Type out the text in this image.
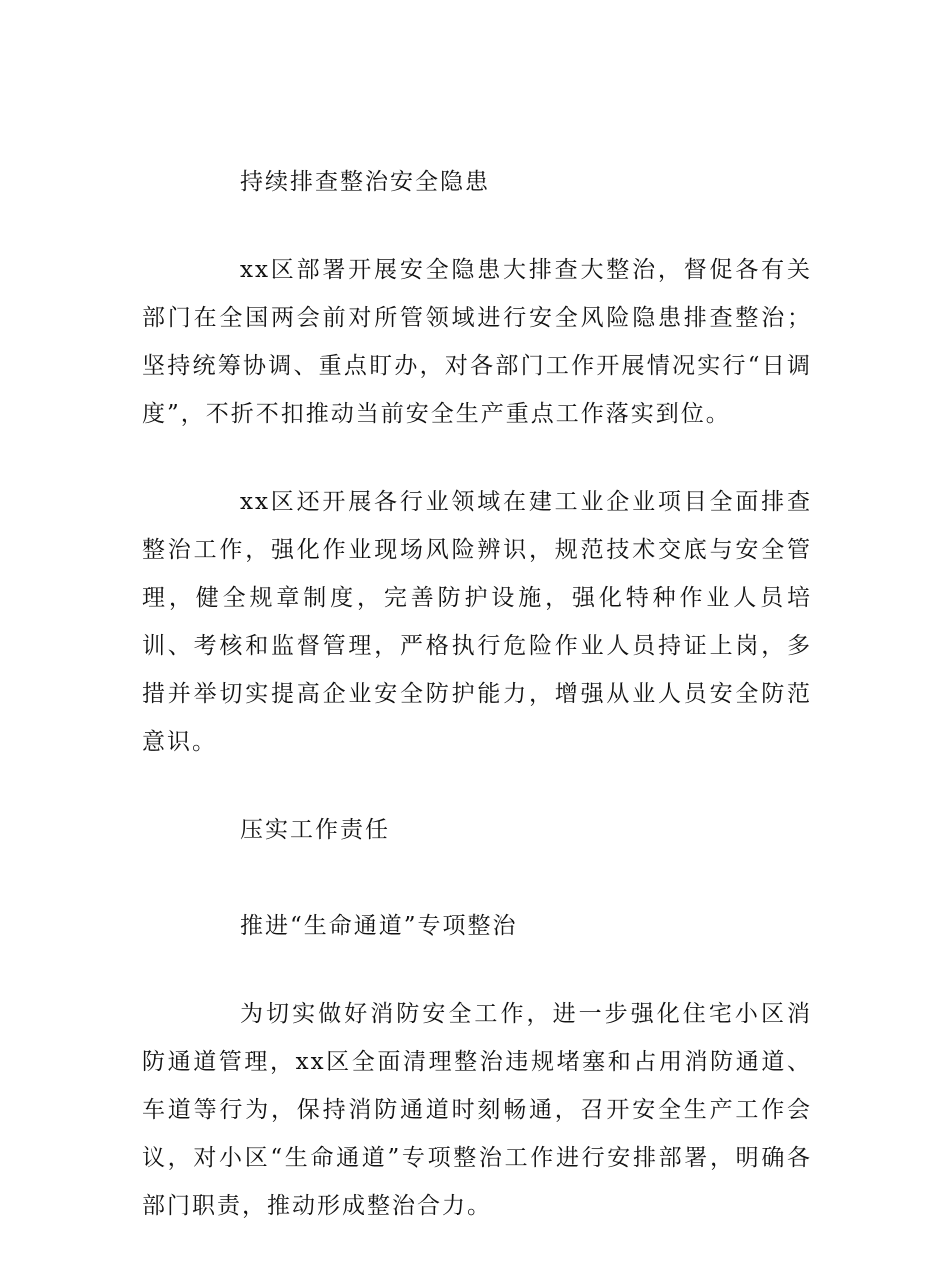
持续排查整治安全隐患

xx区部署开展安全隐患大排查大整治，督促各有关部门在全国两会前对所管领域进行安全风险隐患排查整治；坚持统筹协调、重点盯办，对各部门工作开展情况实行“日调度”，不折不扣推动当前安全生产重点工作落实到位。

xx区还开展各行业领域在建工业企业项目全面排查整治工作，强化作业现场风险辨识，规范技术交底与安全管理，健全规章制度，完善防护设施，强化特种作业人员培训、考核和监督管理，严格执行危险作业人员持证上岗，多措并举切实提高企业安全防护能力，增强从业人员安全防范意识。

压实工作责任

推进“生命通道”专项整治

为切实做好消防安全工作，进一步强化住宅小区消防通道管理，xx区全面清理整治违规堵塞和占用消防通道、车道等行为，保持消防通道时刻畅通，召开安全生产工作会议，对小区“生命通道”专项整治工作进行安排部署，明确各部门职责，推动形成整治合力。
